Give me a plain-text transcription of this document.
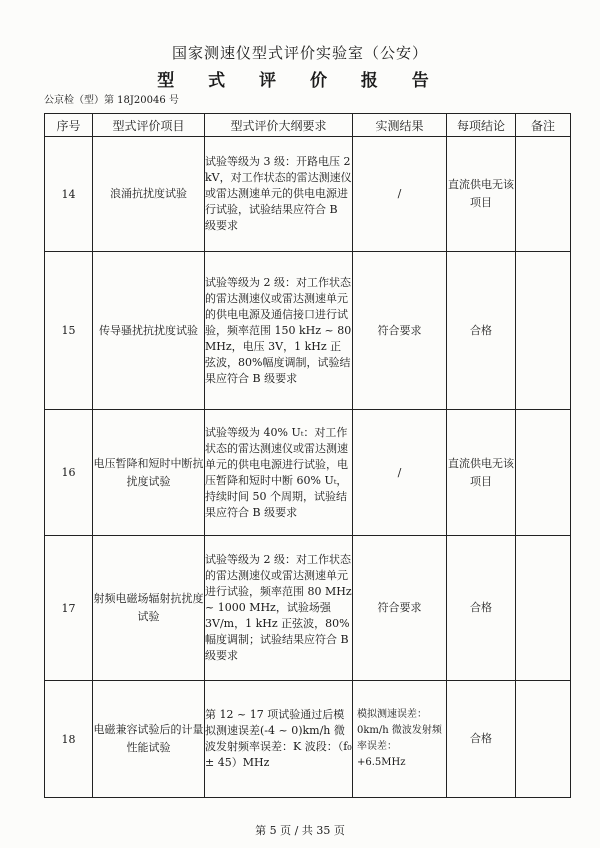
国家测速仪型式评价实验室（公安）
型 式 评 价 报 告
公京检（型）第 18J20046 号
序号	型式评价项目	型式评价大纲要求	实测结果	每项结论	备注
14	浪涌抗扰度试验	试验等级为 3 级：开路电压 2 kV，对工作状态的雷达测速仪或雷达测速单元的供电电源进行试验，试验结果应符合 B 级要求	/	直流供电无该项目	
15	传导骚扰抗扰度试验	试验等级为 2 级：对工作状态的雷达测速仪或雷达测速单元的供电电源及通信接口进行试验，频率范围 150 kHz ~ 80 MHz，电压 3V，1 kHz 正弦波，80%幅度调制，试验结果应符合 B 级要求	符合要求	合格	
16	电压暂降和短时中断抗扰度试验	试验等级为 40% Uₜ：对工作状态的雷达测速仪或雷达测速单元的供电电源进行试验，电压暂降和短时中断 60% Uₜ，持续时间 50 个周期，试验结果应符合 B 级要求	/	直流供电无该项目	
17	射频电磁场辐射抗扰度试验	试验等级为 2 级：对工作状态的雷达测速仪或雷达测速单元进行试验，频率范围 80 MHz ~ 1000 MHz，试验场强 3V/m，1 kHz 正弦波，80%幅度调制；试验结果应符合 B 级要求	符合要求	合格	
18	电磁兼容试验后的计量性能试验	第 12 ~ 17 项试验通过后模拟测速误差(-4 ~ 0)km/h 微波发射频率误差：K 波段：（f₀ ± 45）MHz	模拟测速误差：0km/h 微波发射频率误差：+6.5MHz	合格	
第 5 页 / 共 35 页
